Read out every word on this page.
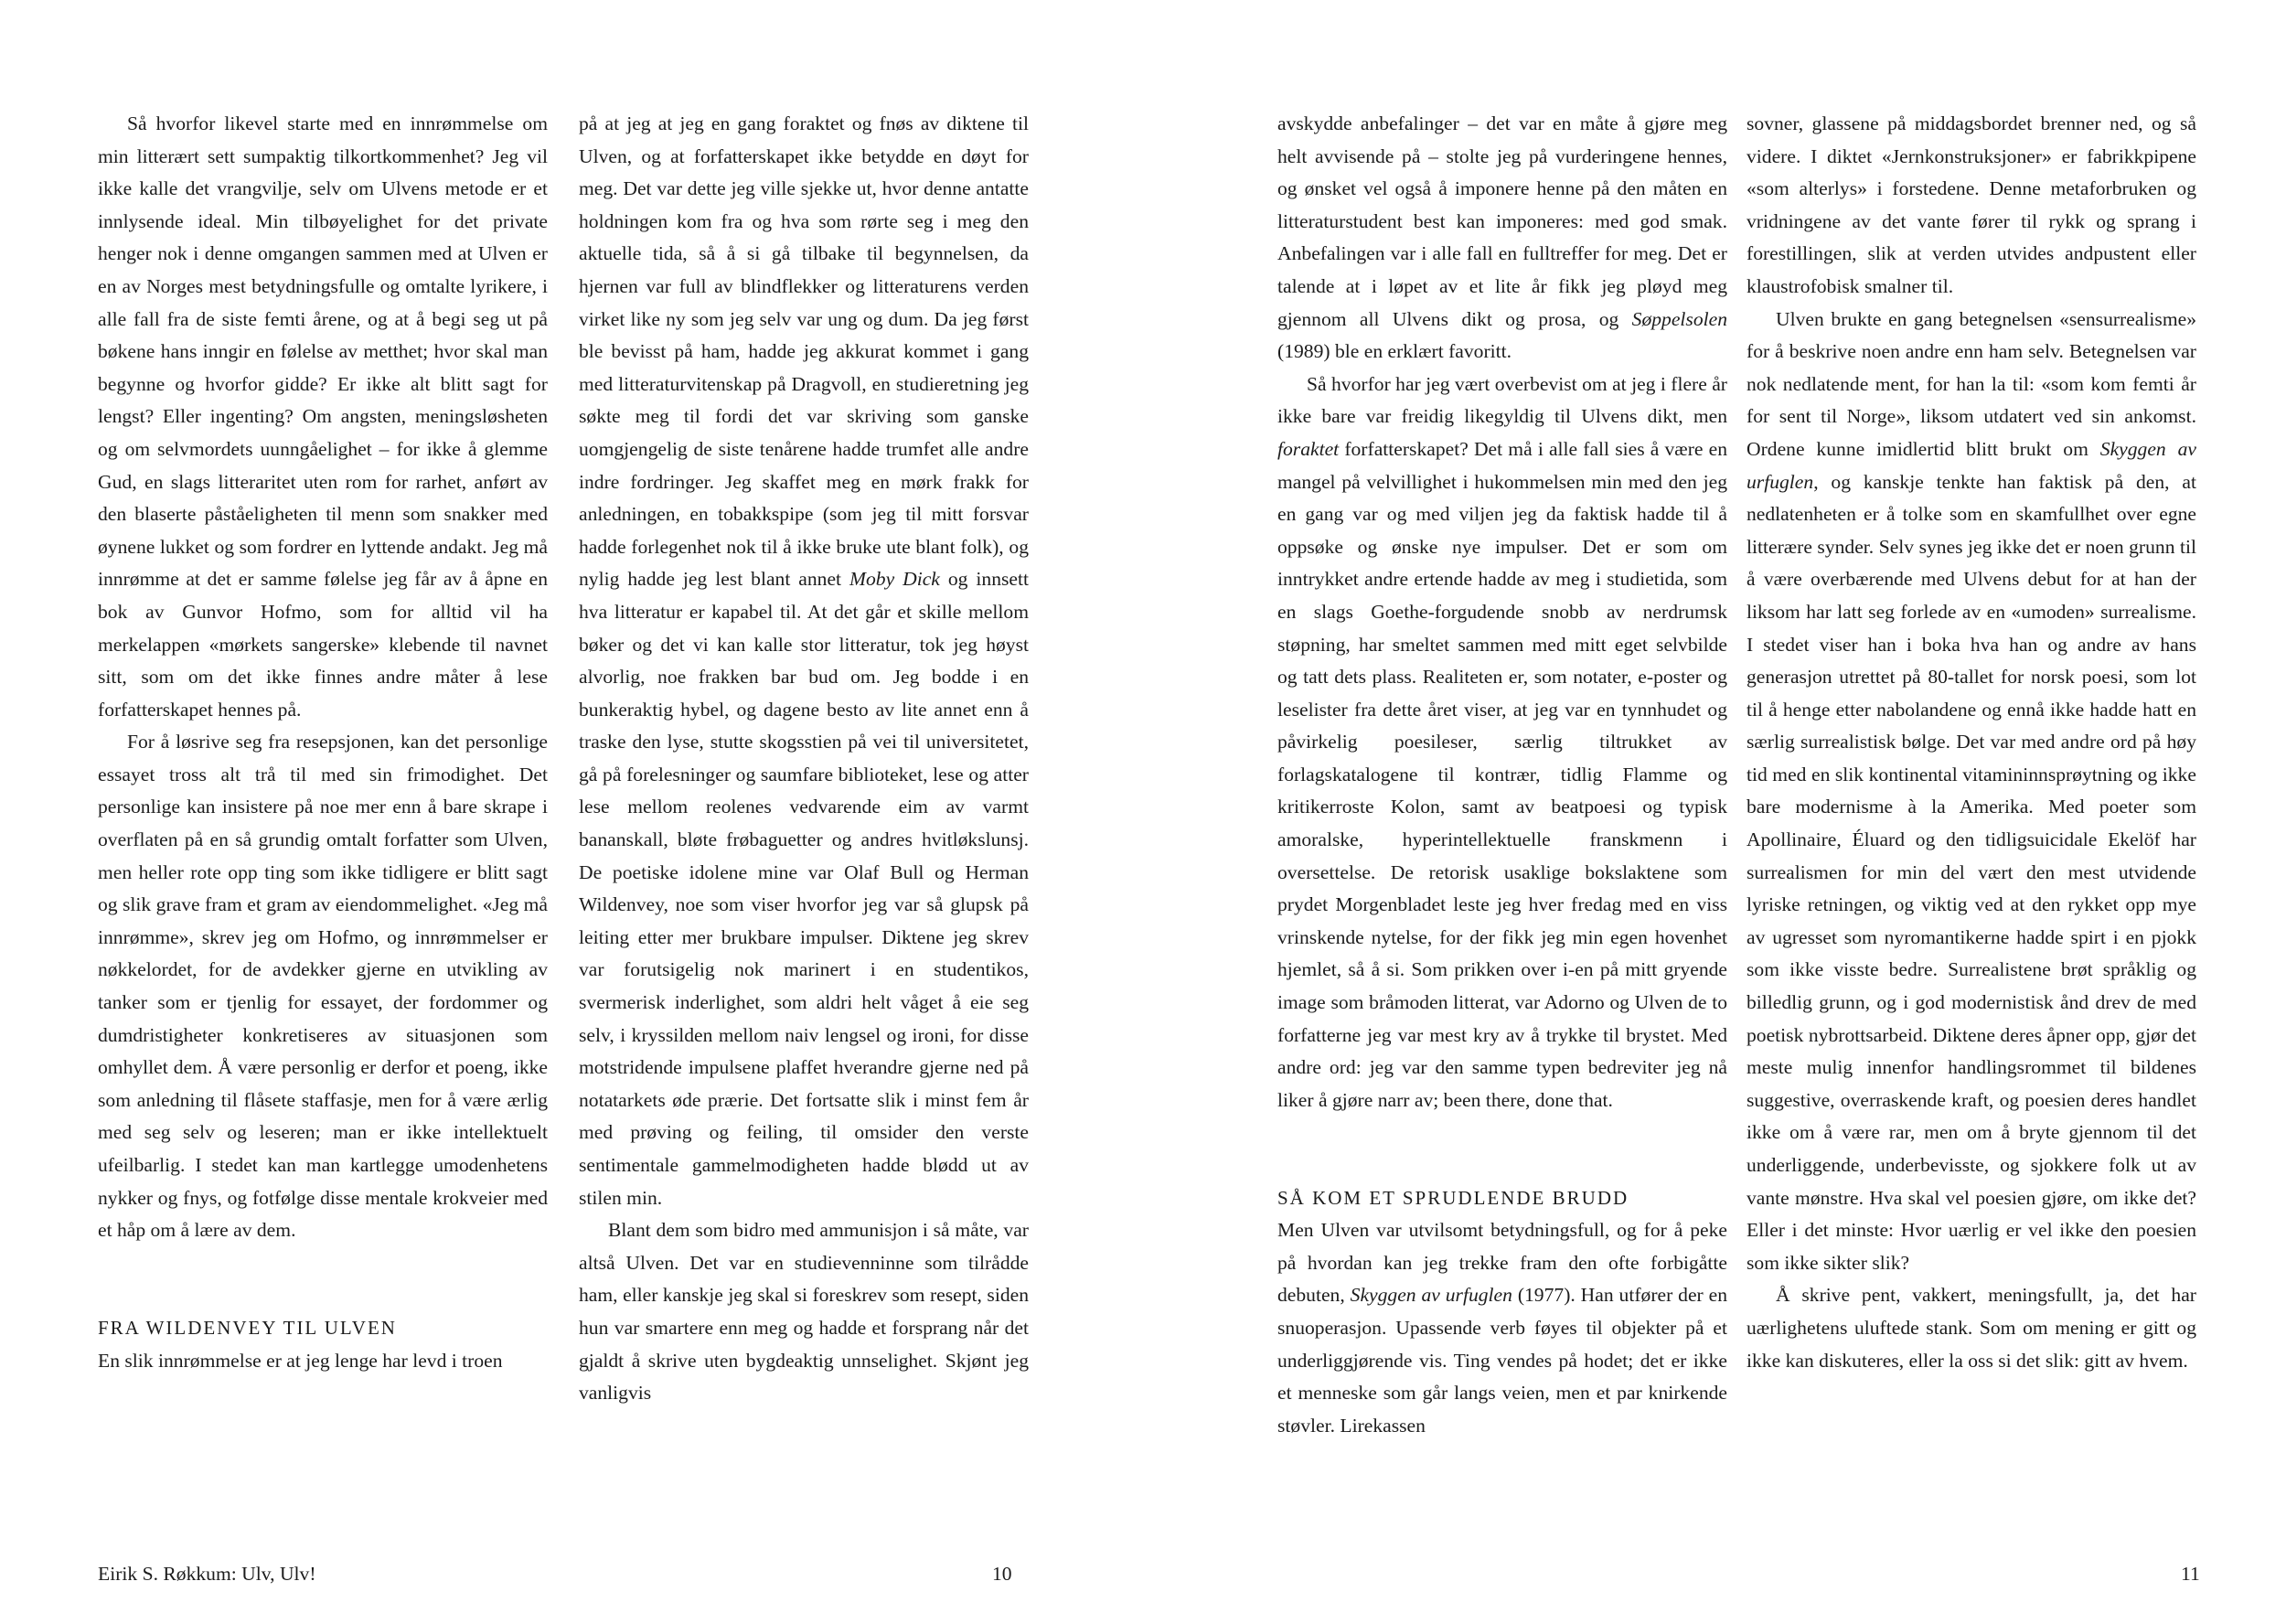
Så hvorfor likevel starte med en innrømmelse om min litterært sett sumpaktig tilkortkommenhet? Jeg vil ikke kalle det vrangvilje, selv om Ulvens metode er et innlysende ideal. Min tilbøyelighet for det private henger nok i denne omgangen sammen med at Ulven er en av Norges mest betydningsfulle og omtalte lyrikere, i alle fall fra de siste femti årene, og at å begi seg ut på bøkene hans inngir en følelse av metthet; hvor skal man begynne og hvorfor gidde? Er ikke alt blitt sagt for lengst? Eller ingenting? Om angsten, meningsløsheten og om selvmordets uunngåelighet – for ikke å glemme Gud, en slags litteraritet uten rom for rarhet, anført av den blaserte påståeligheten til menn som snakker med øynene lukket og som fordrer en lyttende andakt. Jeg må innrømme at det er samme følelse jeg får av å åpne en bok av Gunvor Hofmo, som for alltid vil ha merkelappen «mørkets sangerske» klebende til navnet sitt, som om det ikke finnes andre måter å lese forfatterskapet hennes på.

For å løsrive seg fra resepsjonen, kan det personlige essayet tross alt trå til med sin frimodighet. Det personlige kan insistere på noe mer enn å bare skrape i overflaten på en så grundig omtalt forfatter som Ulven, men heller rote opp ting som ikke tidligere er blitt sagt og slik grave fram et gram av eiendommelighet. «Jeg må innrømme», skrev jeg om Hofmo, og innrømmelser er nøkkelordet, for de avdekker gjerne en utvikling av tanker som er tjenlig for essayet, der fordommer og dumdristigheter konkretiseres av situasjonen som omhyllet dem. Å være personlig er derfor et poeng, ikke som anledning til flåsete staffasje, men for å være ærlig med seg selv og leseren; man er ikke intellektuelt ufeilbarlig. I stedet kan man kartlegge umodenhetens nykker og fnys, og fotfølge disse mentale krokveier med et håp om å lære av dem.

FRA WILDENVEY TIL ULVEN

En slik innrømmelse er at jeg lenge har levd i troen

på at jeg at jeg en gang foraktet og fnøs av diktene til Ulven, og at forfatterskapet ikke betydde en døyt for meg. Det var dette jeg ville sjekke ut, hvor denne antatte holdningen kom fra og hva som rørte seg i meg den aktuelle tida, så å si gå tilbake til begynnelsen, da hjernen var full av blindflekker og litteraturens verden virket like ny som jeg selv var ung og dum. Da jeg først ble bevisst på ham, hadde jeg akkurat kommet i gang med litteraturvitenskap på Dragvoll, en studieretning jeg søkte meg til fordi det var skriving som ganske uomgjengelig de siste tenårene hadde trumfet alle andre indre fordringer. Jeg skaffet meg en mørk frakk for anledningen, en tobakkspipe (som jeg til mitt forsvar hadde forlegenhet nok til å ikke bruke ute blant folk), og nylig hadde jeg lest blant annet Moby Dick og innsett hva litteratur er kapabel til. At det går et skille mellom bøker og det vi kan kalle stor litteratur, tok jeg høyst alvorlig, noe frakken bar bud om. Jeg bodde i en bunkeraktig hybel, og dagene besto av lite annet enn å traske den lyse, stutte skogsstien på vei til universitetet, gå på forelesninger og saumfare biblioteket, lese og atter lese mellom reolenes vedvarende eim av varmt bananskall, bløte frøbaguetter og andres hvitløkslunsj. De poetiske idolene mine var Olaf Bull og Herman Wildenvey, noe som viser hvorfor jeg var så glupsk på leiting etter mer brukbare impulser. Diktene jeg skrev var forutsigelig nok marinert i en studentikos, svermerisk inderlighet, som aldri helt våget å eie seg selv, i kryssilden mellom naiv lengsel og ironi, for disse motstridende impulsene plaffet hverandre gjerne ned på notatarkets øde prærie. Det fortsatte slik i minst fem år med prøving og feiling, til omsider den verste sentimentale gammelmodigheten hadde blødd ut av stilen min.

Blant dem som bidro med ammunisjon i så måte, var altså Ulven. Det var en studievenninne som tilrådde ham, eller kanskje jeg skal si foreskrev som resept, siden hun var smartere enn meg og hadde et forsprang når det gjaldt å skrive uten bygdeaktig unnselighet. Skjønt jeg vanligvis

avskydde anbefalinger – det var en måte å gjøre meg helt avvisende på – stolte jeg på vurderingene hennes, og ønsket vel også å imponere henne på den måten en litteraturstudent best kan imponeres: med god smak. Anbefalingen var i alle fall en fulltreffer for meg. Det er talende at i løpet av et lite år fikk jeg pløyd meg gjennom all Ulvens dikt og prosa, og Søppelsolen (1989) ble en erklært favoritt.

Så hvorfor har jeg vært overbevist om at jeg i flere år ikke bare var freidig likegyldig til Ulvens dikt, men foraktet forfatterskapet? Det må i alle fall sies å være en mangel på velvillighet i hukommelsen min med den jeg en gang var og med viljen jeg da faktisk hadde til å oppsøke og ønske nye impulser. Det er som om inntrykket andre ertende hadde av meg i studietida, som en slags Goethe-forgudende snobb av nerdrumsk støpning, har smeltet sammen med mitt eget selvbilde og tatt dets plass. Realiteten er, som notater, e-poster og leselister fra dette året viser, at jeg var en tynnhudet og påvirkelig poesileser, særlig tiltrukket av forlagskatalogene til kontrær, tidlig Flamme og kritikerroste Kolon, samt av beatpoesi og typisk amoralske, hyperintellektuelle franskmenn i oversettelse. De retorisk usaklige bokslaktene som prydet Morgenbladet leste jeg hver fredag med en viss vrinskende nytelse, for der fikk jeg min egen hovenhet hjemlet, så å si. Som prikken over i-en på mitt gryende image som bråmoden litterat, var Adorno og Ulven de to forfatterne jeg var mest kry av å trykke til brystet. Med andre ord: jeg var den samme typen bedreviter jeg nå liker å gjøre narr av; been there, done that.

SÅ KOM ET SPRUDLENDE BRUDD

Men Ulven var utvilsomt betydningsfull, og for å peke på hvordan kan jeg trekke fram den ofte forbigåtte debuten, Skyggen av urfuglen (1977). Han utfører der en snuoperasjon. Upassende verb føyes til objekter på et underliggjørende vis. Ting vendes på hodet; det er ikke et menneske som går langs veien, men et par knirkende støvler. Lirekassen

sovner, glassene på middagsbordet brenner ned, og så videre. I diktet «Jernkonstruksjoner» er fabrikkpipene «som alterlys» i forstedene. Denne metaforbruken og vridningene av det vante fører til rykk og sprang i forestillingen, slik at verden utvides andpustent eller klaustrofobisk smalner til.

Ulven brukte en gang betegnelsen «sensurrealisme» for å beskrive noen andre enn ham selv. Betegnelsen var nok nedlatende ment, for han la til: «som kom femti år for sent til Norge», liksom utdatert ved sin ankomst. Ordene kunne imidlertid blitt brukt om Skyggen av urfuglen, og kanskje tenkte han faktisk på den, at nedlatenheten er å tolke som en skamfullhet over egne litterære synder. Selv synes jeg ikke det er noen grunn til å være overbærende med Ulvens debut for at han der liksom har latt seg forlede av en «umoden» surrealisme. I stedet viser han i boka hva han og andre av hans generasjon utrettet på 80-tallet for norsk poesi, som lot til å henge etter nabolandene og ennå ikke hadde hatt en særlig surrealistisk bølge. Det var med andre ord på høy tid med en slik kontinental vitamininnsprøytning og ikke bare modernisme à la Amerika. Med poeter som Apollinaire, Éluard og den tidligsuicidale Ekelöf har surrealismen for min del vært den mest utvidende lyriske retningen, og viktig ved at den rykket opp mye av ugresset som nyromantikerne hadde spirt i en pjokk som ikke visste bedre. Surrealistene brøt språklig og billedlig grunn, og i god modernistisk ånd drev de med poetisk nybrottsarbeid. Diktene deres åpner opp, gjør det meste mulig innenfor handlingsrommet til bildenes suggestive, overraskende kraft, og poesien deres handlet ikke om å være rar, men om å bryte gjennom til det underliggende, underbevisste, og sjokkere folk ut av vante mønstre. Hva skal vel poesien gjøre, om ikke det? Eller i det minste: Hvor uærlig er vel ikke den poesien som ikke sikter slik?

Å skrive pent, vakkert, meningsfullt, ja, det har uærlighetens uluftede stank. Som om mening er gitt og ikke kan diskuteres, eller la oss si det slik: gitt av hvem.

Eirik S. Røkkum: Ulv, Ulv!	10	11
